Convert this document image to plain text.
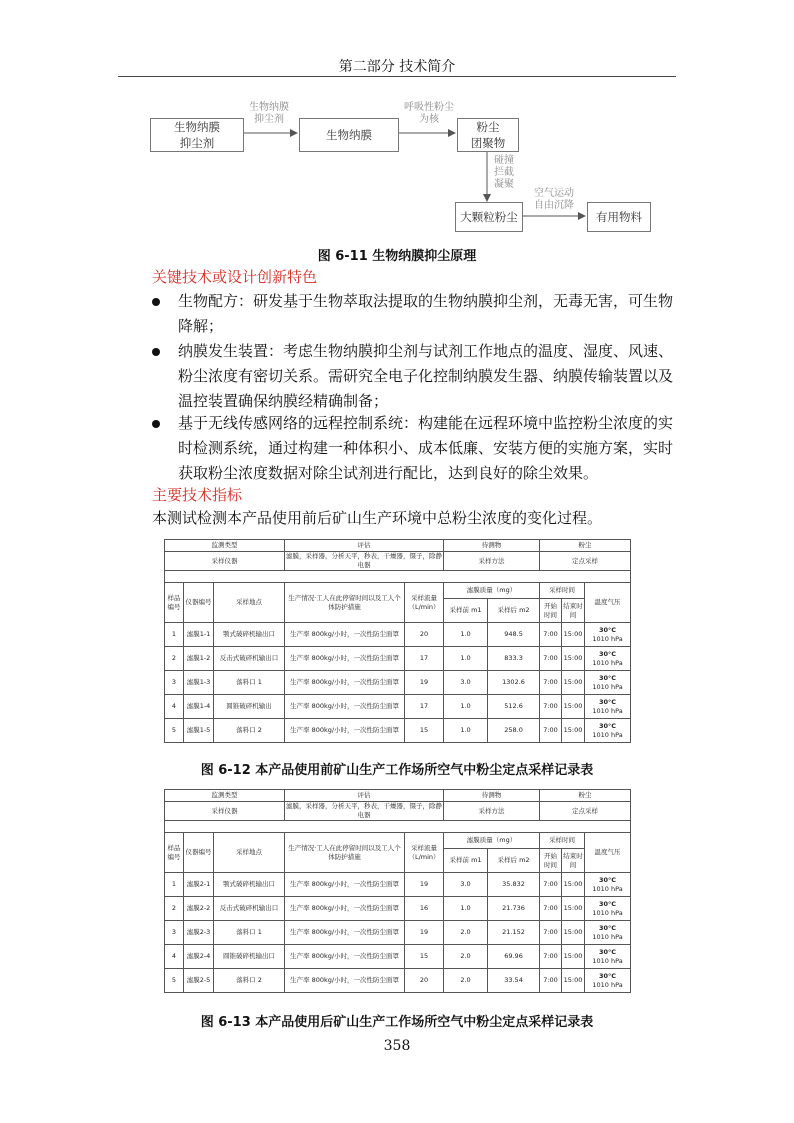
第二部分 技术简介
生物纳膜
抑尘剂
生物纳膜
抑尘剂
生物纳膜
呼吸性粉尘
为核
粉尘
团聚物
碰撞
拦截
凝聚
大颗粒粉尘
空气运动
自由沉降
有用物料
图 6-11 生物纳膜抑尘原理
关键技术或设计创新特色
生物配方：研发基于生物萃取法提取的生物纳膜抑尘剂，无毒无害，可生物降解；
纳膜发生装置：考虑生物纳膜抑尘剂与试剂工作地点的温度、湿度、风速、粉尘浓度有密切关系。需研究全电子化控制纳膜发生器、纳膜传输装置以及温控装置确保纳膜经精确制备；
基于无线传感网络的远程控制系统：构建能在远程环境中监控粉尘浓度的实时检测系统，通过构建一种体积小、成本低廉、安装方便的实施方案，实时获取粉尘浓度数据对除尘试剂进行配比，达到良好的除尘效果。
主要技术指标
本测试检测本产品使用前后矿山生产环境中总粉尘浓度的变化过程。
监测类型			评估		待测物		粉尘		
采样仪器			滤膜，采样器，分析天平，秒表，干燥器，镊子，除静电器		采样方法		定点采样		

样品编号	仪器编号	采样地点	生产情况·工人在此停留时间以及工人个体防护措施	采样流量（L/min）	滤膜质量（mg）		采样时间		温度气压
					采样前 m1	采样后 m2	开始时间	结束时间	
1	滤膜1-1	颚式破碎机输出口	生产率 800kg/小时，一次性防尘面罩	20	1.0	948.5	7:00	15:00	30°C
1010 hPa

2	滤膜1-2	反击式破碎机输出口	生产率 800kg/小时，一次性防尘面罩	17	1.0	833.3	7:00	15:00	30°C
1010 hPa

3	滤膜1-3	落料口 1	生产率 800kg/小时，一次性防尘面罩	19	3.0	1302.6	7:00	15:00	30°C
1010 hPa

4	滤膜1-4	圆锥破碎机输出	生产率 800kg/小时，一次性防尘面罩	17	1.0	512.6	7:00	15:00	30°C
1010 hPa

5	滤膜1-5	落料口 2	生产率 800kg/小时，一次性防尘面罩	15	1.0	258.0	7:00	15:00	30°C
1010 hPa
图 6-12 本产品使用前矿山生产工作场所空气中粉尘定点采样记录表
监测类型			评估		待测物		粉尘		
采样仪器			滤膜，采样器，分析天平，秒表，干燥器，镊子，除静电器		采样方法		定点采样		

样品编号	仪器编号	采样地点	生产情况·工人在此停留时间以及工人个体防护措施	采样流量（L/min）	滤膜质量（mg）		采样时间		温度气压
					采样前 m1	采样后 m2	开始时间	结束时间	
1	滤膜2-1	颚式破碎机输出口	生产率 800kg/小时，一次性防尘面罩	19	3.0	35.832	7:00	15:00	30°C
1010 hPa

2	滤膜2-2	反击式破碎机输出口	生产率 800kg/小时，一次性防尘面罩	16	1.0	21.736	7:00	15:00	30°C
1010 hPa

3	滤膜2-3	落料口 1	生产率 800kg/小时，一次性防尘面罩	19	2.0	21.152	7:00	15:00	30°C
1010 hPa

4	滤膜2-4	圆锥破碎机输出口	生产率 800kg/小时，一次性防尘面罩	15	2.0	69.96	7:00	15:00	30°C
1010 hPa

5	滤膜2-5	落料口 2	生产率 800kg/小时，一次性防尘面罩	20	2.0	33.54	7:00	15:00	30°C
1010 hPa
图 6-13 本产品使用后矿山生产工作场所空气中粉尘定点采样记录表
358
